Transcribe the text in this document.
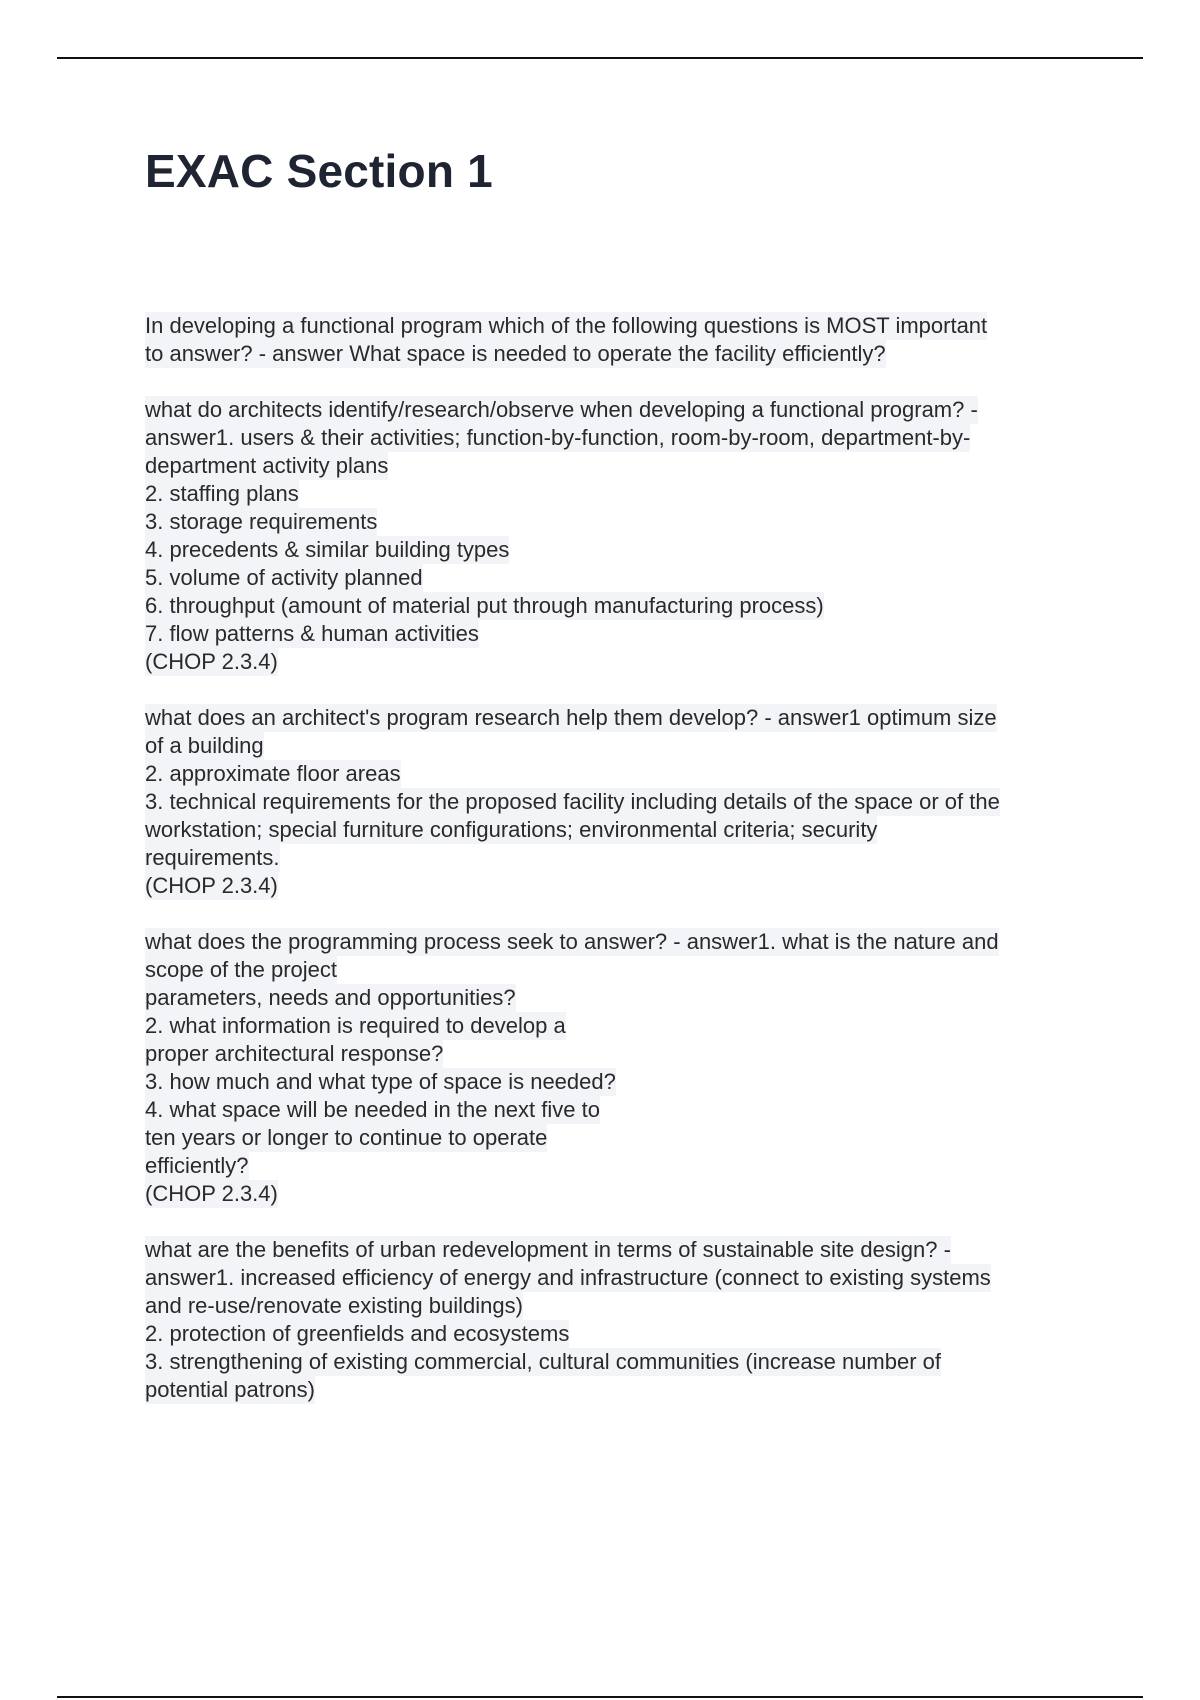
EXAC Section 1
In developing a functional program which of the following questions is MOST important
to answer? - answer What space is needed to operate the facility efficiently?
what do architects identify/research/observe when developing a functional program? -
answer1. users & their activities; function-by-function, room-by-room, department-by-
department activity plans
2. staffing plans
3. storage requirements
4. precedents & similar building types
5. volume of activity planned
6. throughput (amount of material put through manufacturing process)
7. flow patterns & human activities
(CHOP 2.3.4)
what does an architect's program research help them develop? - answer1 optimum size
of a building
2. approximate floor areas
3. technical requirements for the proposed facility including details of the space or of the
workstation; special furniture configurations; environmental criteria; security
requirements.
(CHOP 2.3.4)
what does the programming process seek to answer? - answer1. what is the nature and
scope of the project
parameters, needs and opportunities?
2. what information is required to develop a
proper architectural response?
3. how much and what type of space is needed?
4. what space will be needed in the next five to
ten years or longer to continue to operate
efficiently?
(CHOP 2.3.4)
what are the benefits of urban redevelopment in terms of sustainable site design? -
answer1. increased efficiency of energy and infrastructure (connect to existing systems
and re-use/renovate existing buildings)
2. protection of greenfields and ecosystems
3. strengthening of existing commercial, cultural communities (increase number of
potential patrons)
